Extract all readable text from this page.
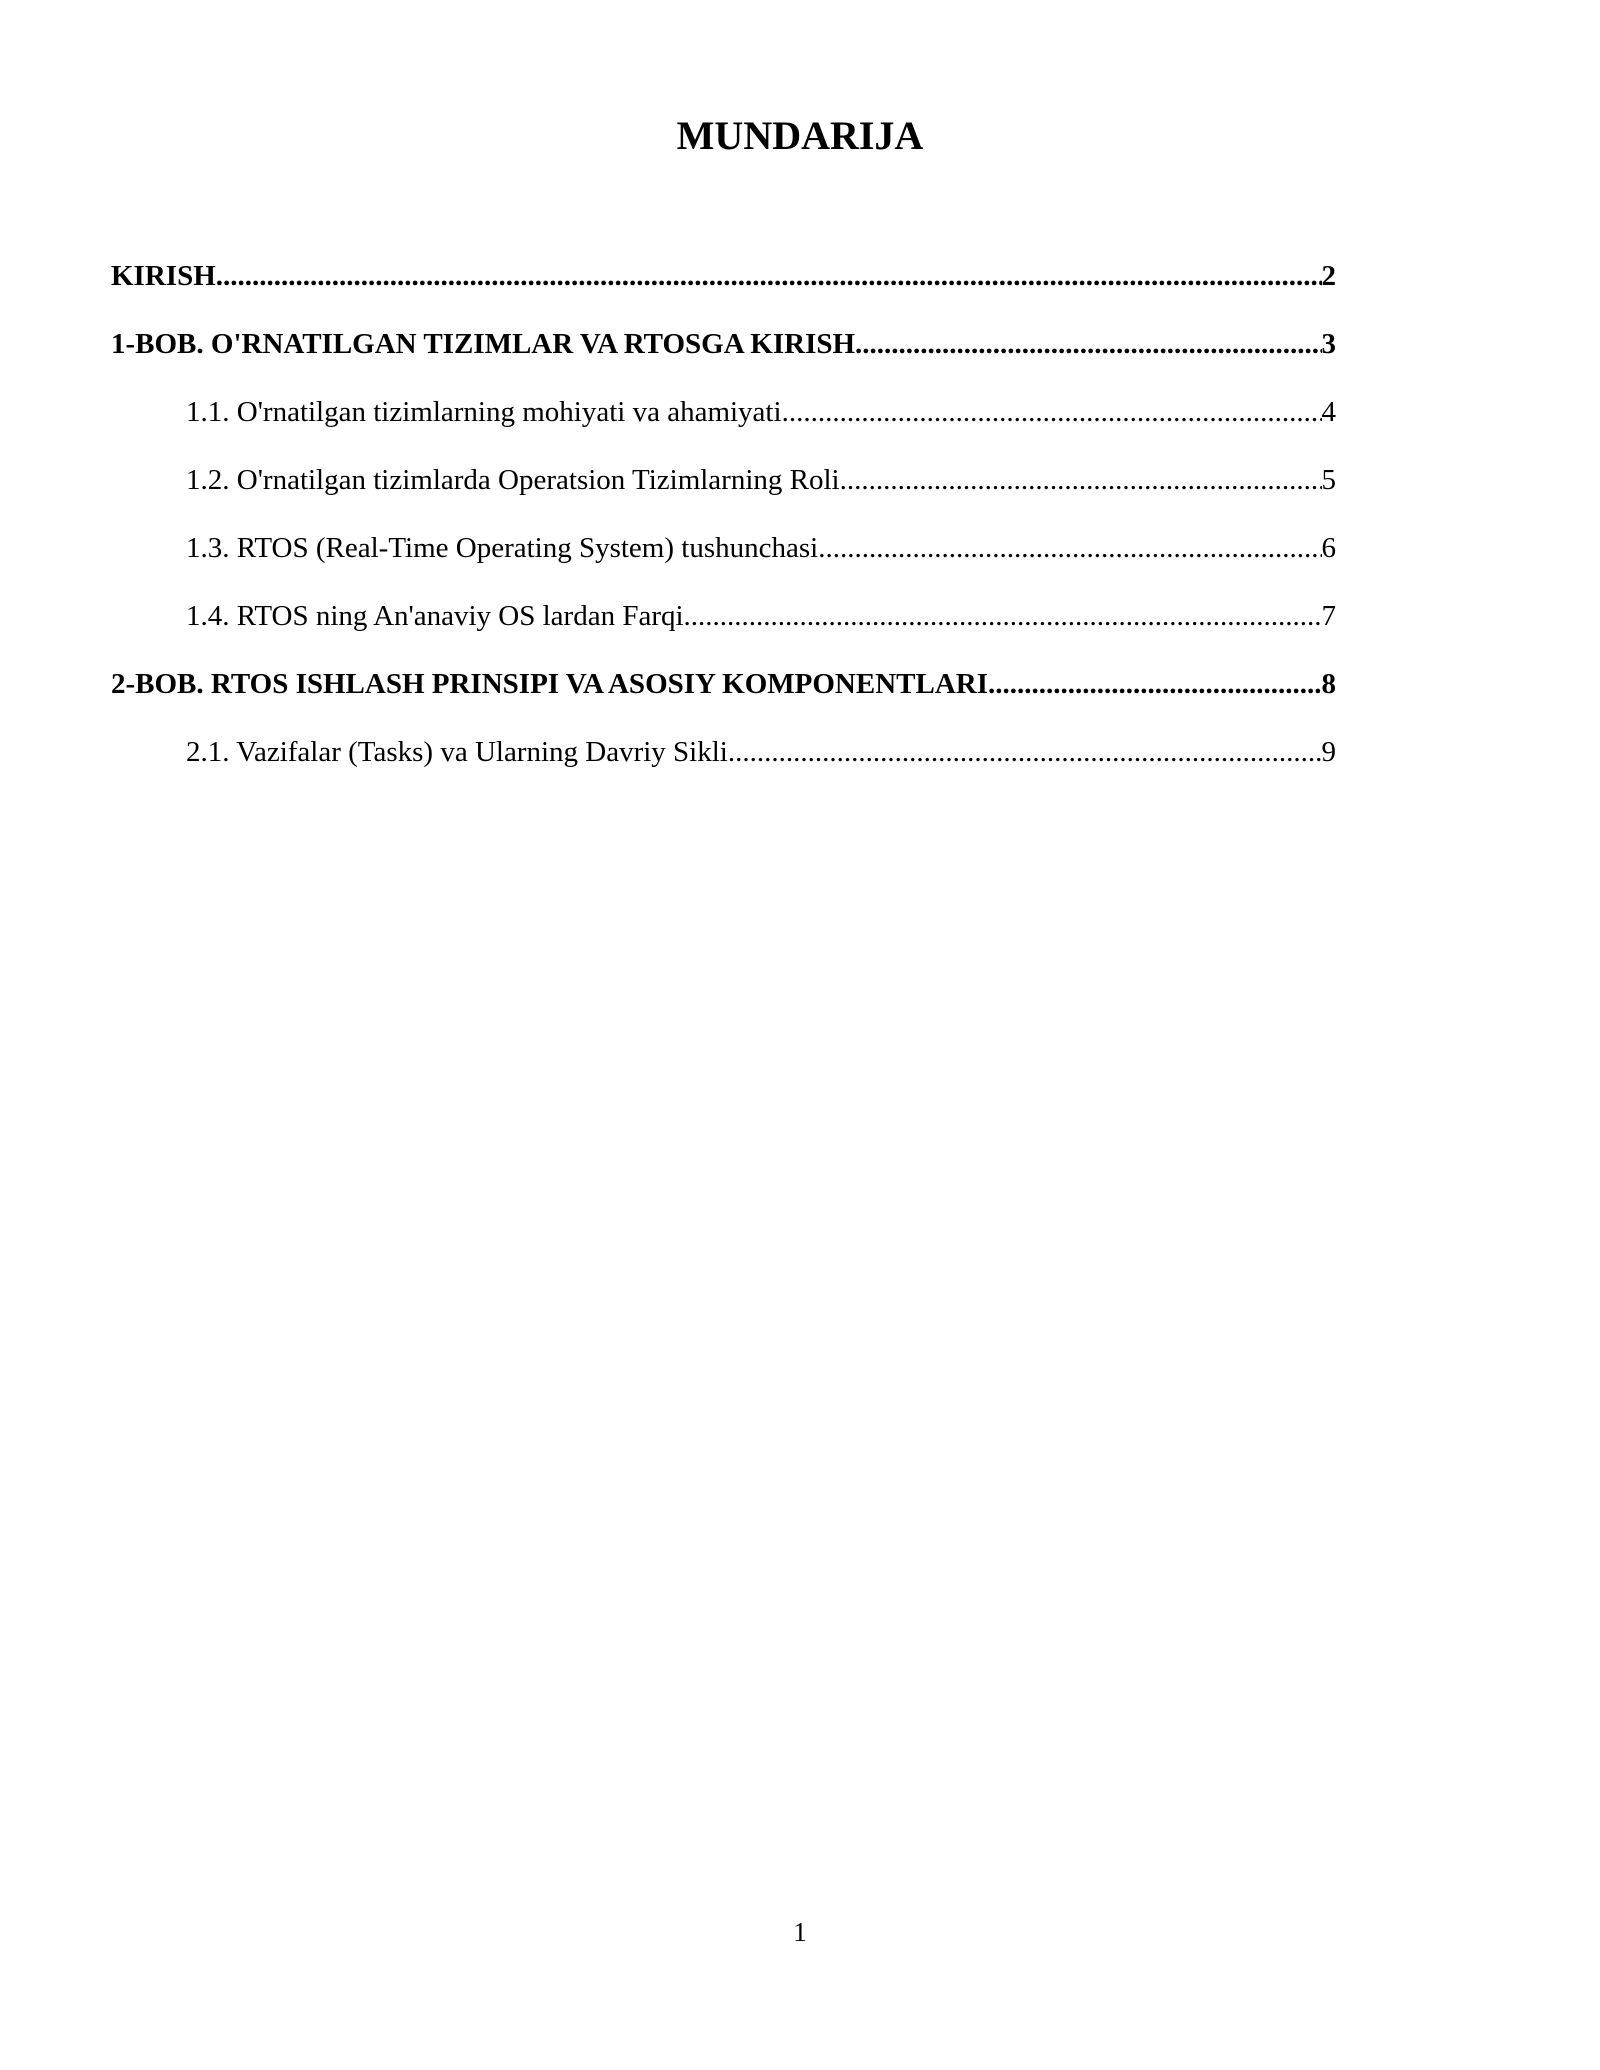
MUNDARIJA
KIRISH .....	2
1-BOB. O'RNATILGAN TIZIMLAR VA RTOSGA KIRISH .....	3
1.1. O'rnatilgan tizimlarning mohiyati va ahamiyati .....	4
1.2. O'rnatilgan tizimlarda Operatsion Tizimlarning Roli .....	5
1.3. RTOS (Real-Time Operating System) tushunchasi .....	6
1.4. RTOS ning An'anaviy OS lardan Farqi .....	7
2-BOB. RTOS ISHLASH PRINSIPI VA ASOSIY KOMPONENTLARI .....	8
2.1. Vazifalar (Tasks) va Ularning Davriy Sikli .....	9
1
